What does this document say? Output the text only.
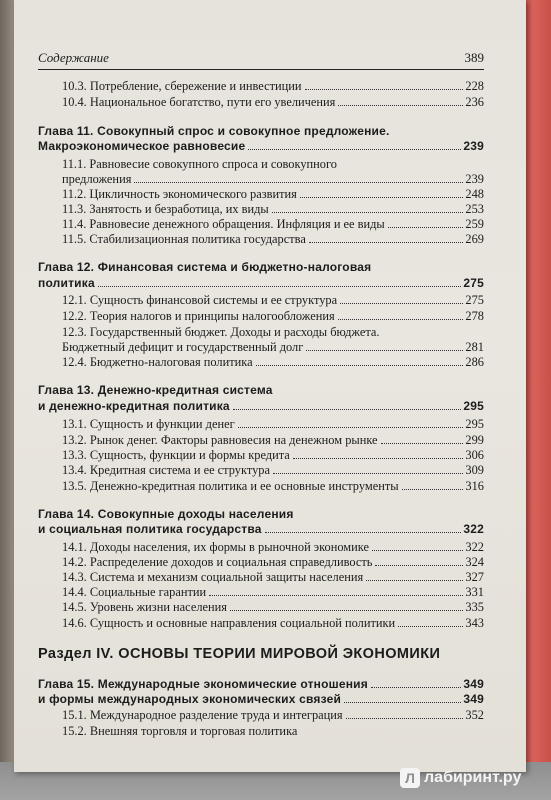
Содержание	389
10.3. Потребление, сбережение и инвестиции	228
10.4. Национальное богатство, пути его увеличения	236
Глава 11. Совокупный спрос и совокупное предложение.
Макроэкономическое равновесие	239
11.1. Равновесие совокупного спроса и совокупного
предложения	239
11.2. Цикличность экономического развития	248
11.3. Занятость и безработица, их виды	253
11.4. Равновесие денежного обращения. Инфляция и ее виды	259
11.5. Стабилизационная политика государства	269
Глава 12. Финансовая система и бюджетно-налоговая
политика	275
12.1. Сущность финансовой системы и ее структура	275
12.2. Теория налогов и принципы налогообложения	278
12.3. Государственный бюджет. Доходы и расходы бюджета.
Бюджетный дефицит и государственный долг	281
12.4. Бюджетно-налоговая политика	286
Глава 13. Денежно-кредитная система
и денежно-кредитная политика	295
13.1. Сущность и функции денег	295
13.2. Рынок денег. Факторы равновесия на денежном рынке	299
13.3. Сущность, функции и формы кредита	306
13.4. Кредитная система и ее структура	309
13.5. Денежно-кредитная политика и ее основные инструменты	316
Глава 14. Совокупные доходы населения
и социальная политика государства	322
14.1. Доходы населения, их формы в рыночной экономике	322
14.2. Распределение доходов и социальная справедливость	324
14.3. Система и механизм социальной защиты населения	327
14.4. Социальные гарантии	331
14.5. Уровень жизни населения	335
14.6. Сущность и основные направления социальной политики	343
Раздел IV. ОСНОВЫ ТЕОРИИ МИРОВОЙ ЭКОНОМИКИ
Глава 15. Международные экономические отношения	349
и формы международных экономических связей	349
15.1. Международное разделение труда и интеграция	352
15.2. Внешняя торговля и торговая политика
Л лабиринт.ру
